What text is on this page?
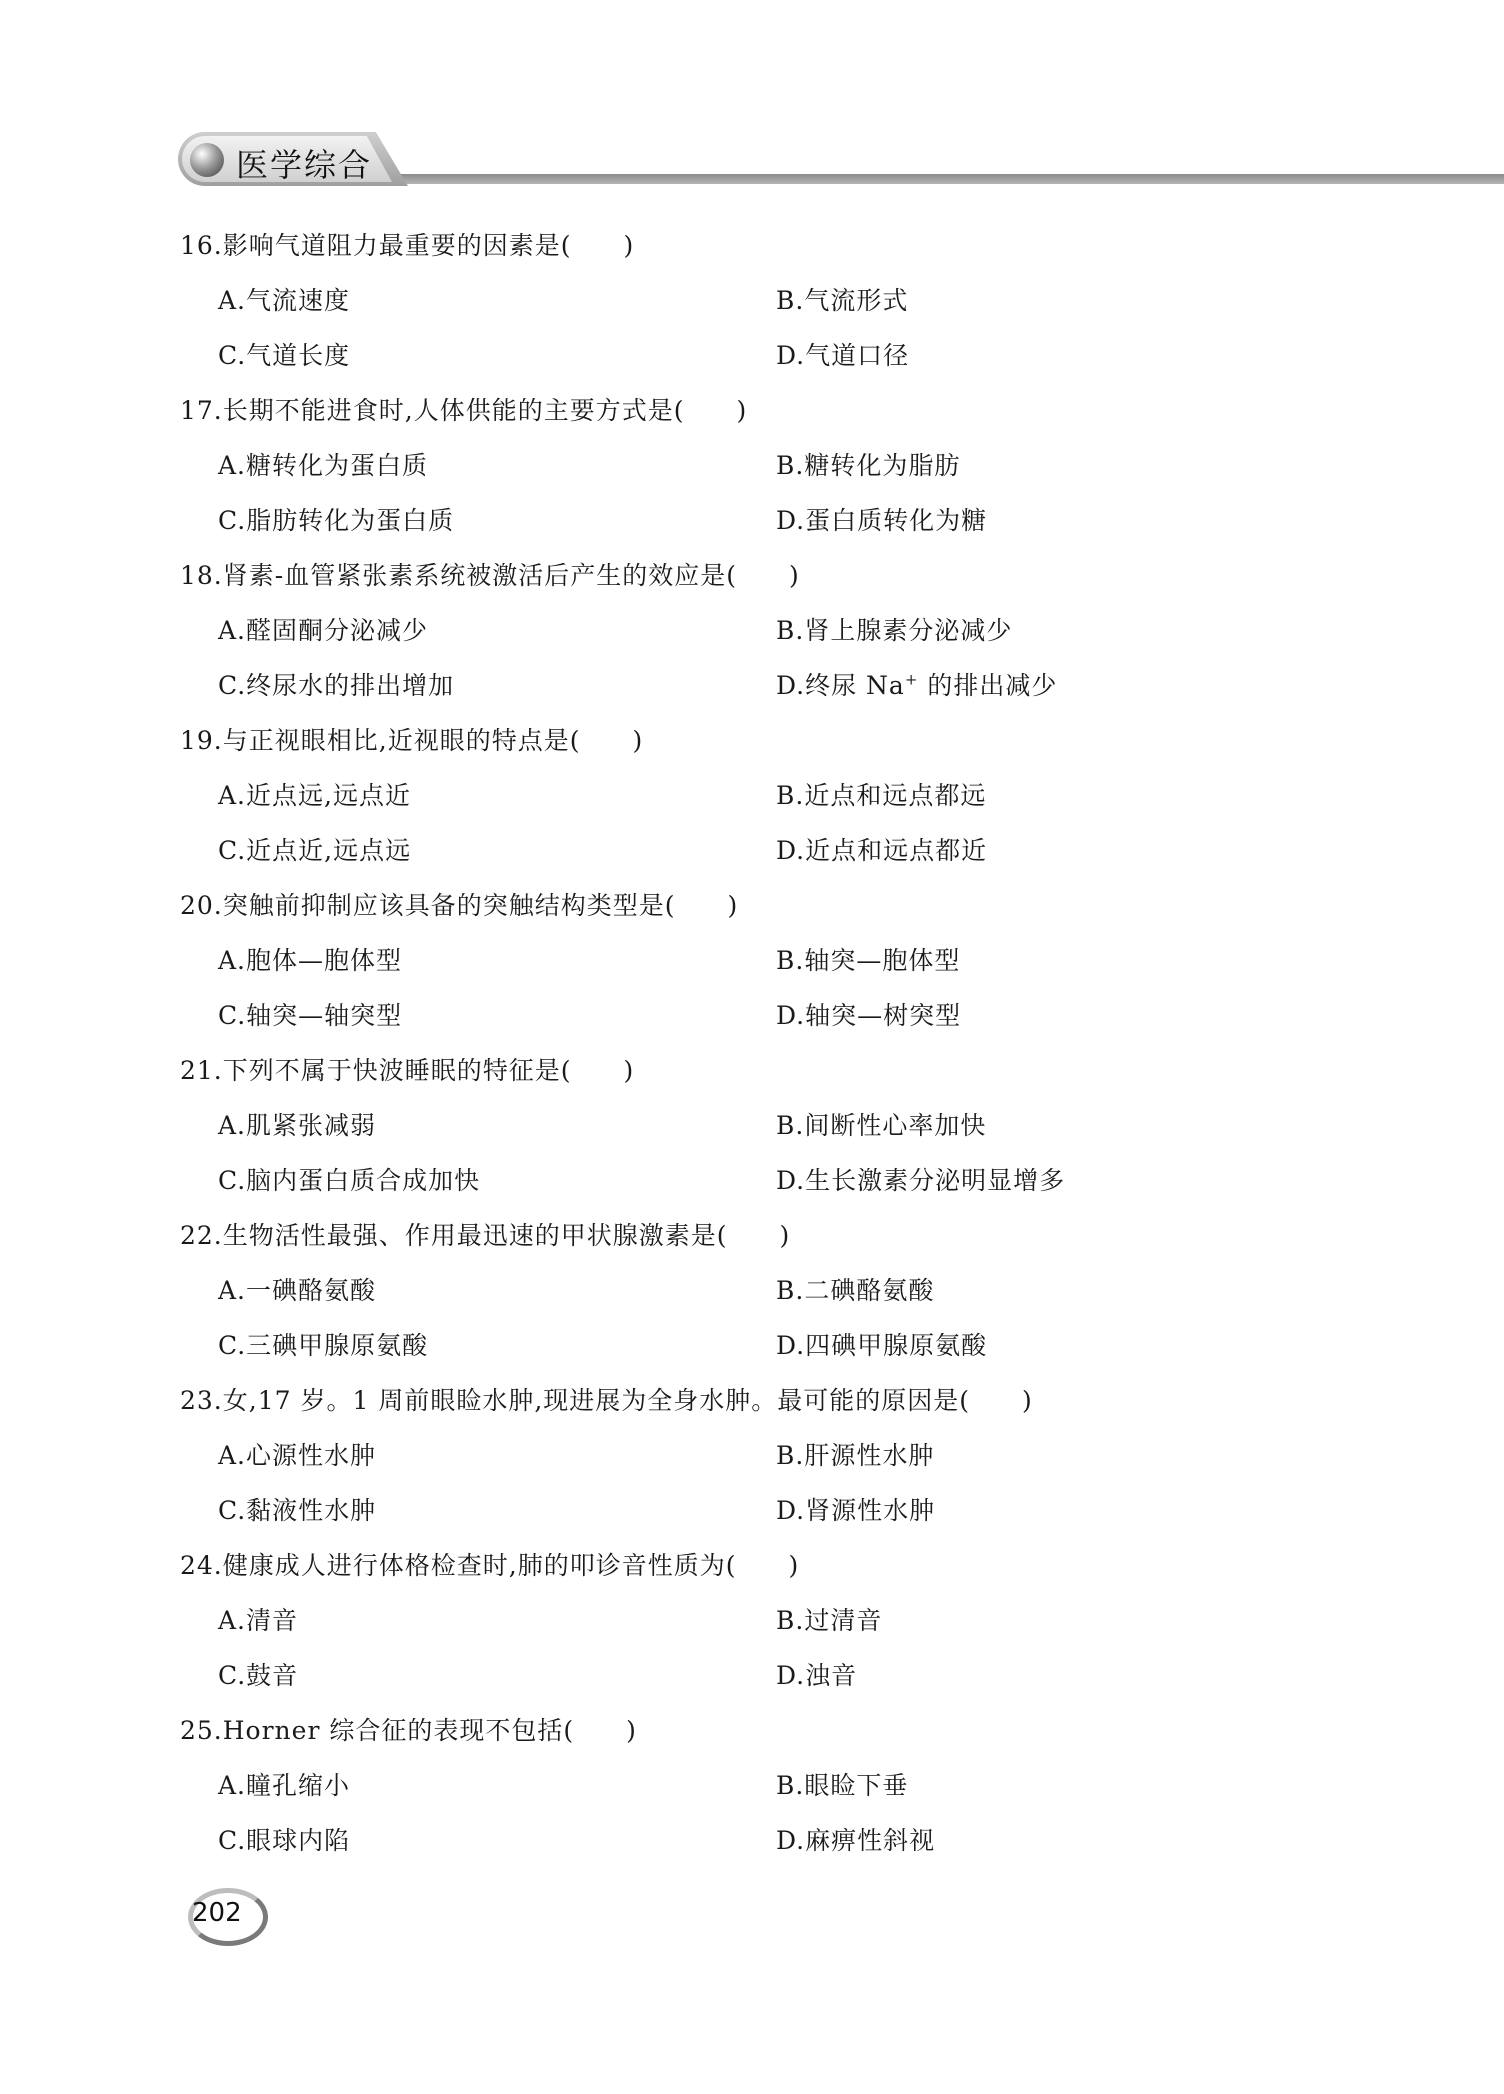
医学综合
16.影响气道阻力最重要的因素是(　　)
A.气流速度	B.气流形式
C.气道长度	D.气道口径
17.长期不能进食时,人体供能的主要方式是(　　)
A.糖转化为蛋白质	B.糖转化为脂肪
C.脂肪转化为蛋白质	D.蛋白质转化为糖
18.肾素-血管紧张素系统被激活后产生的效应是(　　)
A.醛固酮分泌减少	B.肾上腺素分泌减少
C.终尿水的排出增加	D.终尿 Na+ 的排出减少
19.与正视眼相比,近视眼的特点是(　　)
A.近点远,远点近	B.近点和远点都远
C.近点近,远点远	D.近点和远点都近
20.突触前抑制应该具备的突触结构类型是(　　)
A.胞体—胞体型	B.轴突—胞体型
C.轴突—轴突型	D.轴突—树突型
21.下列不属于快波睡眠的特征是(　　)
A.肌紧张减弱	B.间断性心率加快
C.脑内蛋白质合成加快	D.生长激素分泌明显增多
22.生物活性最强、作用最迅速的甲状腺激素是(　　)
A.一碘酪氨酸	B.二碘酪氨酸
C.三碘甲腺原氨酸	D.四碘甲腺原氨酸
23.女,17 岁。1 周前眼睑水肿,现进展为全身水肿。最可能的原因是(　　)
A.心源性水肿	B.肝源性水肿
C.黏液性水肿	D.肾源性水肿
24.健康成人进行体格检查时,肺的叩诊音性质为(　　)
A.清音	B.过清音
C.鼓音	D.浊音
25.Horner 综合征的表现不包括(　　)
A.瞳孔缩小	B.眼睑下垂
C.眼球内陷	D.麻痹性斜视
202
